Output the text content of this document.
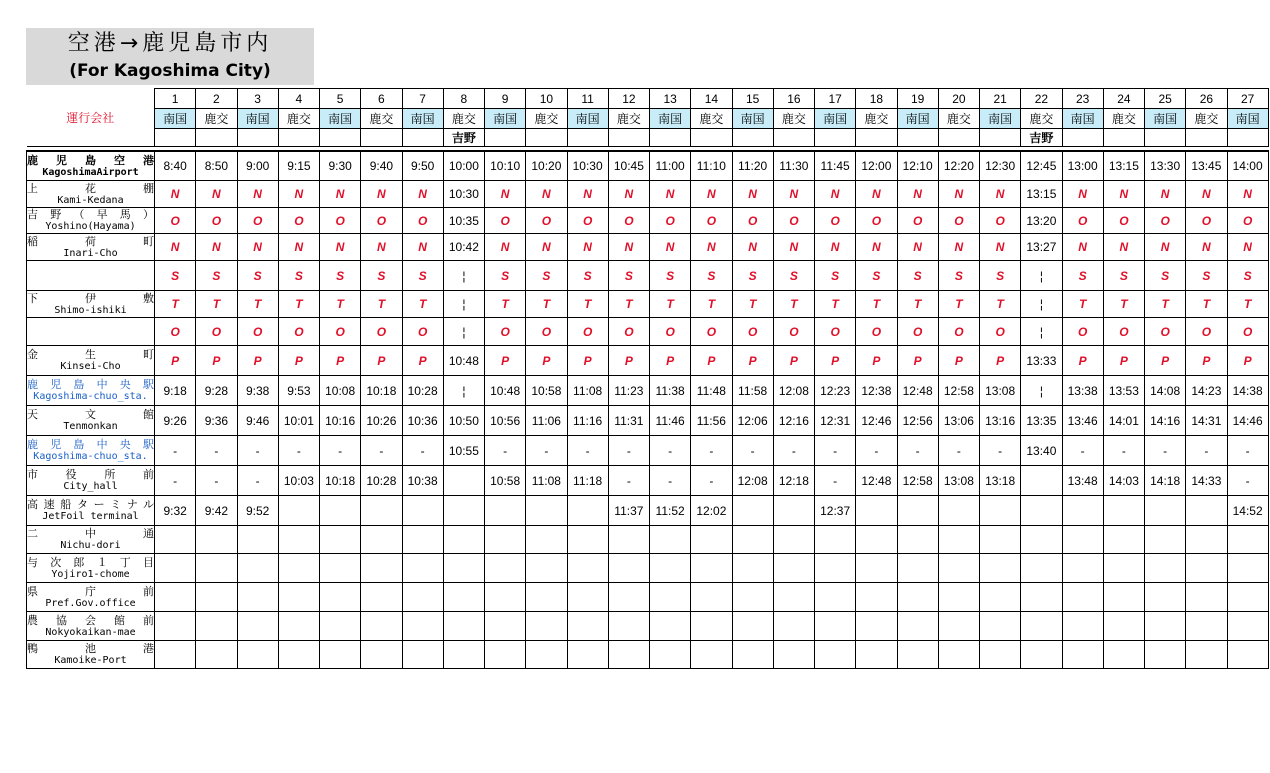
空港→鹿児島市内
(For Kagoshima City)
運行会社	1	2	3	4	5	6	7	8	9	10	11	12	13	14	15	16	17	18	19	20	21	22	23	24	25	26	27
	南国	鹿交	南国	鹿交	南国	鹿交	南国	鹿交	南国	鹿交	南国	鹿交	南国	鹿交	南国	鹿交	南国	鹿交	南国	鹿交	南国	鹿交	南国	鹿交	南国	鹿交	南国
								吉野														吉野					

鹿児島空港
KagoshimaAirport	8:40	8:50	9:00	9:15	9:30	9:40	9:50	10:00	10:10	10:20	10:30	10:45	11:00	11:10	11:20	11:30	11:45	12:00	12:10	12:20	12:30	12:45	13:00	13:15	13:30	13:45	14:00

上　花　棚
Kami-Kedana	N	N	N	N	N	N	N	10:30	N	N	N	N	N	N	N	N	N	N	N	N	N	13:15	N	N	N	N	N

吉野（早馬）
Yoshino(Hayama)	O	O	O	O	O	O	O	10:35	O	O	O	O	O	O	O	O	O	O	O	O	O	13:20	O	O	O	O	O

稲　荷　町
Inari-Cho	N	N	N	N	N	N	N	10:42	N	N	N	N	N	N	N	N	N	N	N	N	N	13:27	N	N	N	N	N

	S	S	S	S	S	S	S	¦	S	S	S	S	S	S	S	S	S	S	S	S	S	¦	S	S	S	S	S

下　伊　敷
Shimo-ishiki	T	T	T	T	T	T	T	¦	T	T	T	T	T	T	T	T	T	T	T	T	T	¦	T	T	T	T	T

	O	O	O	O	O	O	O	¦	O	O	O	O	O	O	O	O	O	O	O	O	O	¦	O	O	O	O	O

金　生　町
Kinsei-Cho	P	P	P	P	P	P	P	10:48	P	P	P	P	P	P	P	P	P	P	P	P	P	13:33	P	P	P	P	P

鹿児島中央駅
Kagoshima-chuo_sta.	9:18	9:28	9:38	9:53	10:08	10:18	10:28	¦	10:48	10:58	11:08	11:23	11:38	11:48	11:58	12:08	12:23	12:38	12:48	12:58	13:08	¦	13:38	13:53	14:08	14:23	14:38

天　文　館
Tenmonkan	9:26	9:36	9:46	10:01	10:16	10:26	10:36	10:50	10:56	11:06	11:16	11:31	11:46	11:56	12:06	12:16	12:31	12:46	12:56	13:06	13:16	13:35	13:46	14:01	14:16	14:31	14:46

鹿児島中央駅
Kagoshima-chuo_sta.	-	-	-	-	-	-	-	10:55	-	-	-	-	-	-	-	-	-	-	-	-	-	13:40	-	-	-	-	-

市　役　所　前
City_hall	-	-	-	10:03	10:18	10:28	10:38		10:58	11:08	11:18	-	-	-	12:08	12:18	-	12:48	12:58	13:08	13:18		13:48	14:03	14:18	14:33	-

高速船ターミナル
JetFoil terminal	9:32	9:42	9:52									11:37	11:52	12:02			12:37										14:52

二　中　通
Nichu-dori																											

与次郎１丁目
Yojiro1-chome																											

県　庁　前
Pref.Gov.office																											

農協会館前
Nokyokaikan-mae																											

鴨　池　港
Kamoike-Port																											
